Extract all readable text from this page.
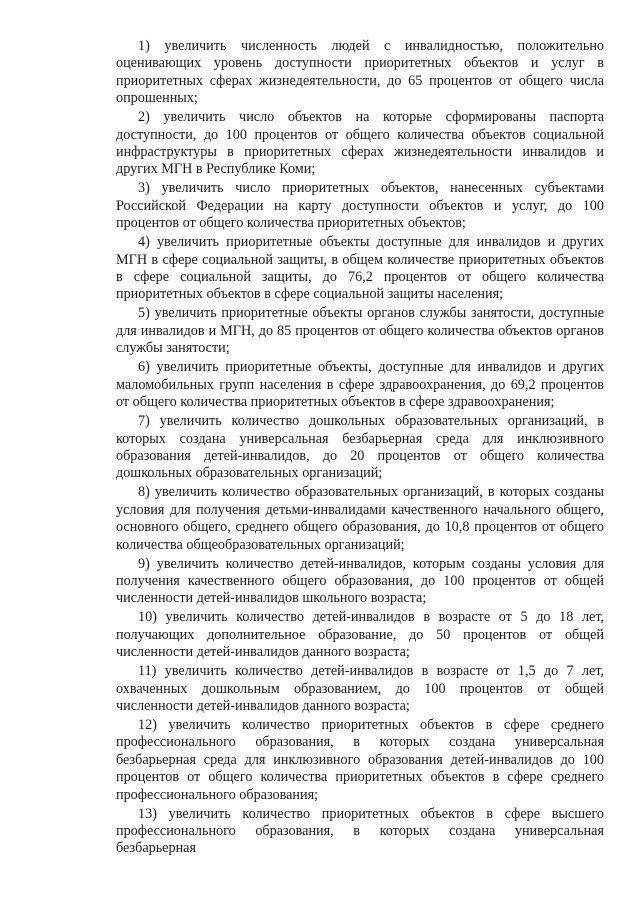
1) увеличить численность людей с инвалидностью, положительно оценивающих уровень доступности приоритетных объектов и услуг в приоритетных сферах жизнедеятельности, до 65 процентов от общего числа опрошенных;

2) увеличить число объектов на которые сформированы паспорта доступности, до 100 процентов от общего количества объектов социальной инфраструктуры в приоритетных сферах жизнедеятельности инвалидов и других МГН в Республике Коми;

3) увеличить число приоритетных объектов, нанесенных субъектами Российской Федерации на карту доступности объектов и услуг, до 100 процентов от общего количества приоритетных объектов;

4) увеличить приоритетные объекты доступные для инвалидов и других МГН в сфере социальной защиты, в общем количестве приоритетных объектов в сфере социальной защиты, до 76,2 процентов от общего количества приоритетных объектов в сфере социальной защиты населения;

5) увеличить приоритетные объекты органов службы занятости, доступные для инвалидов и МГН, до 85 процентов от общего количества объектов органов службы занятости;

6) увеличить приоритетные объекты, доступные для инвалидов и других маломобильных групп населения в сфере здравоохранения, до 69,2 процентов от общего количества приоритетных объектов в сфере здравоохранения;

7) увеличить количество дошкольных образовательных организаций, в которых создана универсальная безбарьерная среда для инклюзивного образования детей-инвалидов, до 20 процентов от общего количества дошкольных образовательных организаций;

8) увеличить количество образовательных организаций, в которых созданы условия для получения детьми-инвалидами качественного начального общего, основного общего, среднего общего образования, до 10,8 процентов от общего количества общеобразовательных организаций;

9) увеличить количество детей-инвалидов, которым созданы условия для получения качественного общего образования, до 100 процентов от общей численности детей-инвалидов школьного возраста;

10) увеличить количество детей-инвалидов в возрасте от 5 до 18 лет, получающих дополнительное образование, до 50 процентов от общей численности детей-инвалидов данного возраста;

11) увеличить количество детей-инвалидов в возрасте от 1,5 до 7 лет, охваченных дошкольным образованием, до 100 процентов от общей численности детей-инвалидов данного возраста;

12) увеличить количество приоритетных объектов в сфере среднего профессионального образования, в которых создана универсальная безбарьерная среда для инклюзивного образования детей-инвалидов до 100 процентов от общего количества приоритетных объектов в сфере среднего профессионального образования;

13) увеличить количество приоритетных объектов в сфере высшего профессионального образования, в которых создана универсальная безбарьерная
